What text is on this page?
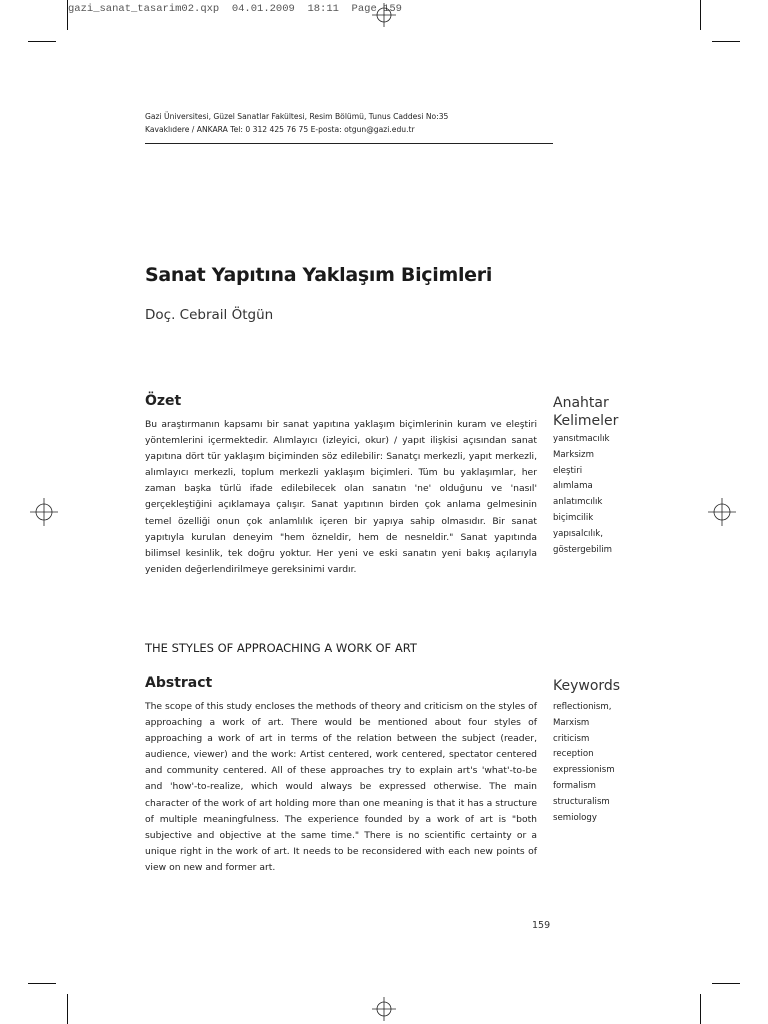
gazi_sanat_tasarim02.qxp  04.01.2009  18:11  Page 159
Gazi Üniversitesi, Güzel Sanatlar Fakültesi, Resim Bölümü, Tunus Caddesi No:35
Kavaklıdere / ANKARA Tel: 0 312 425 76 75 E-posta: otgun@gazi.edu.tr
Sanat Yapıtına Yaklaşım Biçimleri
Doç. Cebrail Ötgün
Özet
Bu araştırmanın kapsamı bir sanat yapıtına yaklaşım biçimlerinin kuram ve eleştiri yöntemlerini içermektedir. Alımlayıcı (izleyici, okur) / yapıt ilişkisi açısından sanat yapıtına dört tür yaklaşım biçiminden söz edilebilir: Sanatçı merkezli, yapıt merkezli, alımlayıcı merkezli, toplum merkezli yaklaşım biçimleri. Tüm bu yaklaşımlar, her zaman başka türlü ifade edilebilecek olan sanatın 'ne' olduğunu ve 'nasıl' gerçekleştiğini açıklamaya çalışır. Sanat yapıtının birden çok anlama gelmesinin temel özelliği onun çok anlamlılık içeren bir yapıya sahip olmasıdır. Bir sanat yapıtıyla kurulan deneyim "hem özneldir, hem de nesneldir." Sanat yapıtında bilimsel kesinlik, tek doğru yoktur. Her yeni ve eski sanatın yeni bakış açılarıyla yeniden değerlendirilmeye gereksinimi vardır.
Anahtar
Kelimeler
yansıtmacılık
Marksizm
eleştiri
alımlama
anlatımcılık
biçimcilik
yapısalcılık,
göstergebilim
THE STYLES OF APPROACHING A WORK OF ART
Abstract
The scope of this study encloses the methods of theory and criticism on the styles of approaching a work of art. There would be mentioned about four styles of approaching a work of art in terms of the relation between the subject (reader, audience, viewer) and the work: Artist centered, work centered, spectator centered and community centered. All of these approaches try to explain art's 'what'-to-be and 'how'-to-realize, which would always be expressed otherwise. The main character of the work of art holding more than one meaning is that it has a structure of multiple meaningfulness. The experience founded by a work of art is "both subjective and objective at the same time." There is no scientific certainty or a unique right in the work of art. It needs to be reconsidered with each new points of view on new and former art.
Keywords
reflectionism,
Marxism
criticism
reception
expressionism
formalism
structuralism
semiology
159
